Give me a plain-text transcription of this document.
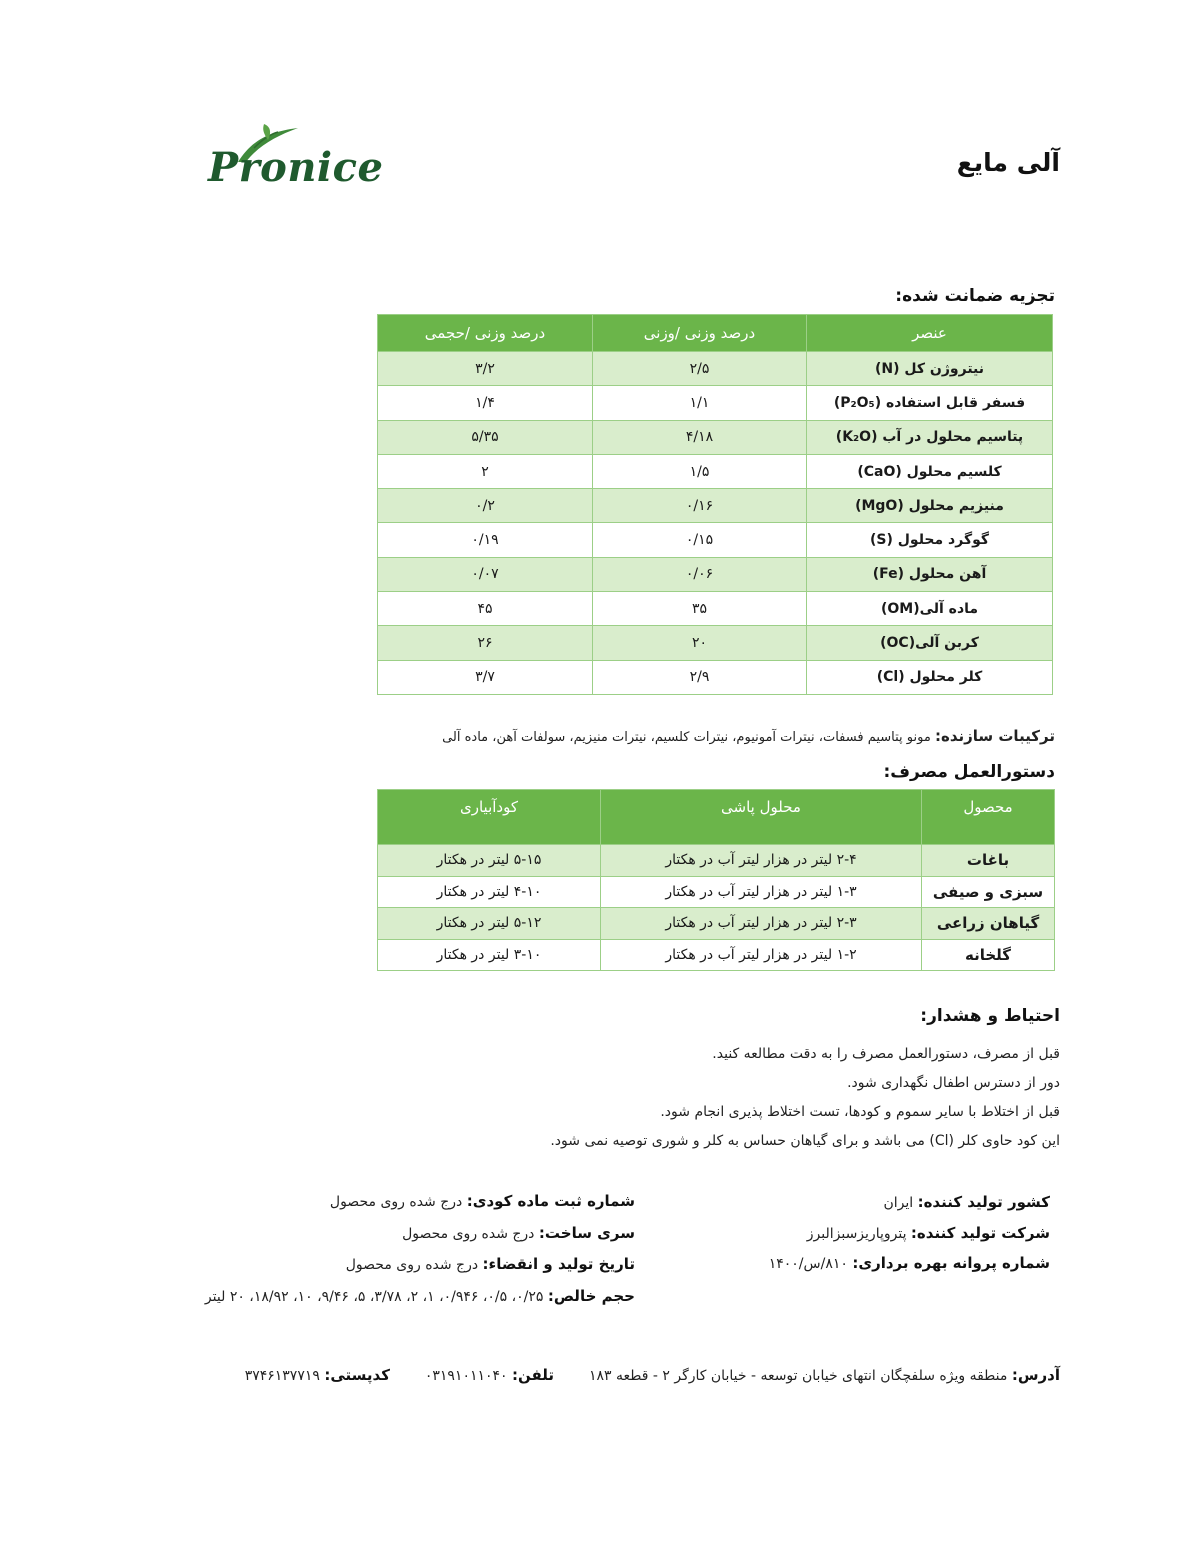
Pronice	آلی مایع
تجزیه ضمانت شده:
عنصر	درصد وزنی /وزنی	درصد وزنی /حجمی
نیتروژن کل (N)	۲/۵	۳/۲
فسفر قابل استفاده (P₂O₅)	۱/۱	۱/۴
پتاسیم محلول در آب (K₂O)	۴/۱۸	۵/۳۵
کلسیم محلول (CaO)	۱/۵	۲
منیزیم محلول (MgO)	۰/۱۶	۰/۲
گوگرد محلول (S)	۰/۱۵	۰/۱۹
آهن محلول (Fe)	۰/۰۶	۰/۰۷
ماده آلی(OM)	۳۵	۴۵
کربن آلی(OC)	۲۰	۲۶
کلر محلول (Cl)	۲/۹	۳/۷
ترکیبات سازنده: مونو پتاسیم فسفات، نیترات آمونیوم، نیترات کلسیم، نیترات منیزیم، سولفات آهن، ماده آلی
دستورالعمل مصرف:
محصول	محلول پاشی	کودآبیاری
باغات	۲-۴ لیتر در هزار لیتر آب در هکتار	۵-۱۵ لیتر در هکتار
سبزی و صیفی	۱-۳ لیتر در هزار لیتر آب در هکتار	۴-۱۰ لیتر در هکتار
گیاهان زراعی	۲-۳ لیتر در هزار لیتر آب در هکتار	۵-۱۲ لیتر در هکتار
گلخانه	۱-۲ لیتر در هزار لیتر آب در هکتار	۳-۱۰ لیتر در هکتار
احتیاط و هشدار:
قبل از مصرف، دستورالعمل مصرف را به دقت مطالعه کنید.
دور از دسترس اطفال نگهداری شود.
قبل از اختلاط با سایر سموم و کودها، تست اختلاط پذیری انجام شود.
این کود حاوی کلر (Cl) می باشد و برای گیاهان حساس به کلر و شوری توصیه نمی شود.
کشور تولید کننده: ایران
شرکت تولید کننده: پتروپاریزسبزالبرز
شماره پروانه بهره برداری: ۸۱۰/س/۱۴۰۰
شماره ثبت ماده کودی: درج شده روی محصول
سری ساخت: درج شده روی محصول
تاریخ تولید و انقضاء: درج شده روی محصول
حجم خالص: ۰/۲۵، ۰/۵، ۰/۹۴۶، ۱، ۲، ۳/۷۸، ۵، ۹/۴۶، ۱۰، ۱۸/۹۲، ۲۰ لیتر
آدرس: منطقه ویژه سلفچگان انتهای خیابان توسعه - خیابان کارگر ۲ - قطعه ۱۸۳  تلفن: ۰۳۱۹۱۰۱۱۰۴۰  کدپستی: ۳۷۴۶۱۳۷۷۱۹
